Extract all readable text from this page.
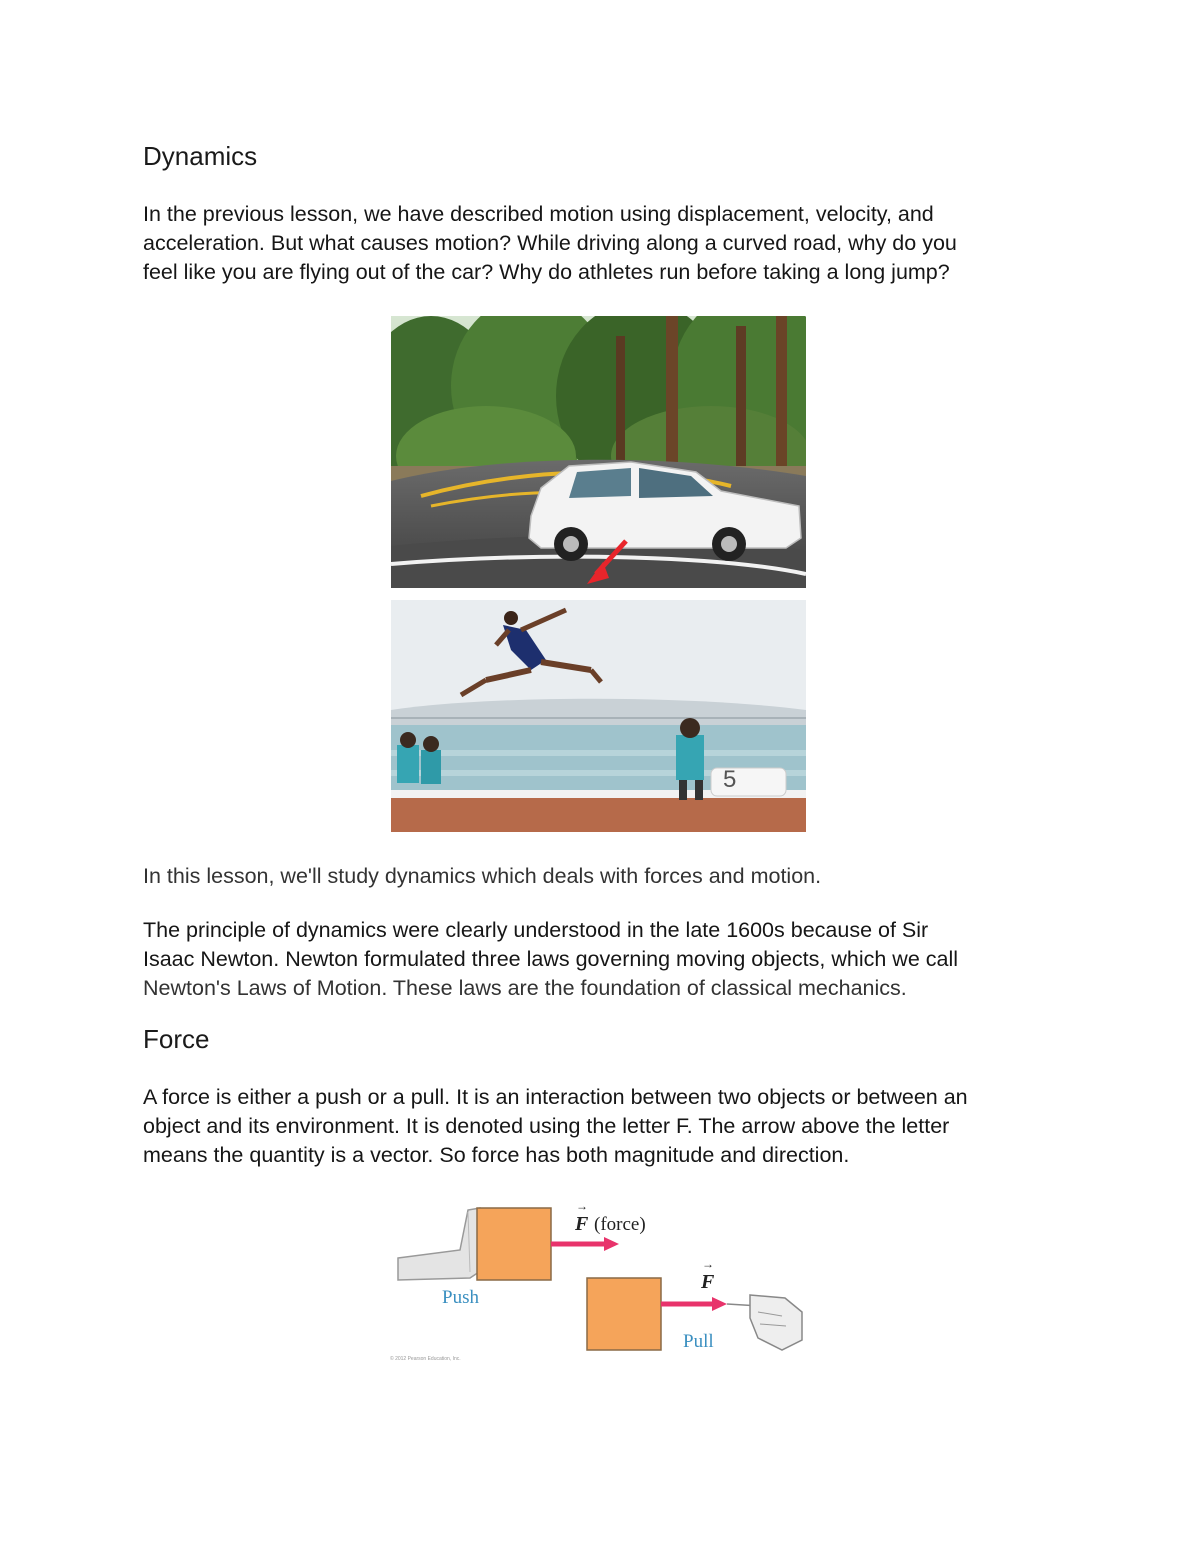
Dynamics

In the previous lesson, we have described motion using displacement, velocity, and
acceleration. But what causes motion? While driving along a curved road, why do you
feel like you are flying out of the car? Why do athletes run before taking a long jump?

5

In this lesson, we'll study dynamics which deals with forces and motion.

The principle of dynamics were clearly understood in the late 1600s because of Sir
Isaac Newton. Newton formulated three laws governing moving objects, which we call
Newton's Laws of Motion. These laws are the foundation of classical mechanics.

Force

A force is either a push or a pull. It is an interaction between two objects or between an
object and its environment. It is denoted using the letter F. The arrow above the letter
means the quantity is a vector. So force has both magnitude and direction.

F
→
(force)
Push
F
→
Pull
© 2012 Pearson Education, Inc.
